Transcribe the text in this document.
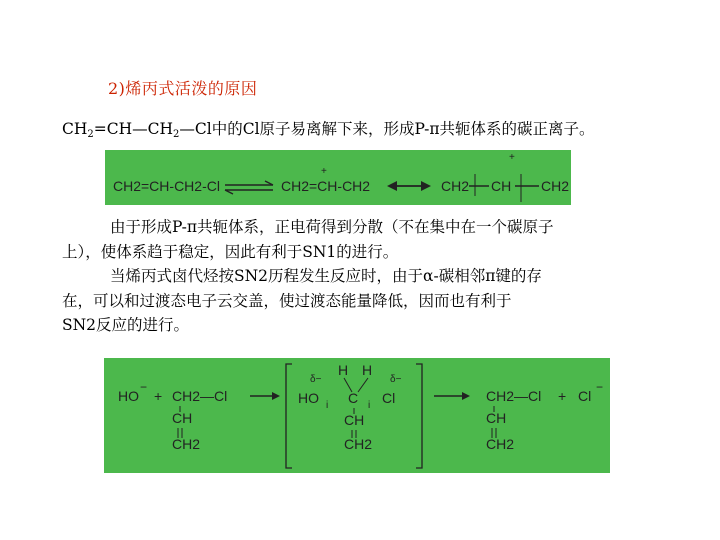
2)烯丙式活泼的原因
$CH_2=CH—CH_2—Cl$中的Cl原子易离解下来，形成P-π共轭体系的碳正离子。
CH2=CH-CH2-Cl	CH2=CH-CH2
+
CH2 CH CH2
+
由于形成P-π共轭体系，正电荷得到分散（不在集中在一个碳原子
上），使体系趋于稳定，因此有利于SN1的进行。
当烯丙式卤代烃按SN2历程发生反应时，由于α-碳相邻π键的存
在，可以和过渡态电子云交盖，使过渡态能量降低，因而也有利于
SN2反应的进行。
HO
−
+ CH2—Cl
CH
CH2
H H
δ−	δ−
HO i C i Cl
CH
CH2
CH2—Cl
CH
CH2
+ Cl
−
